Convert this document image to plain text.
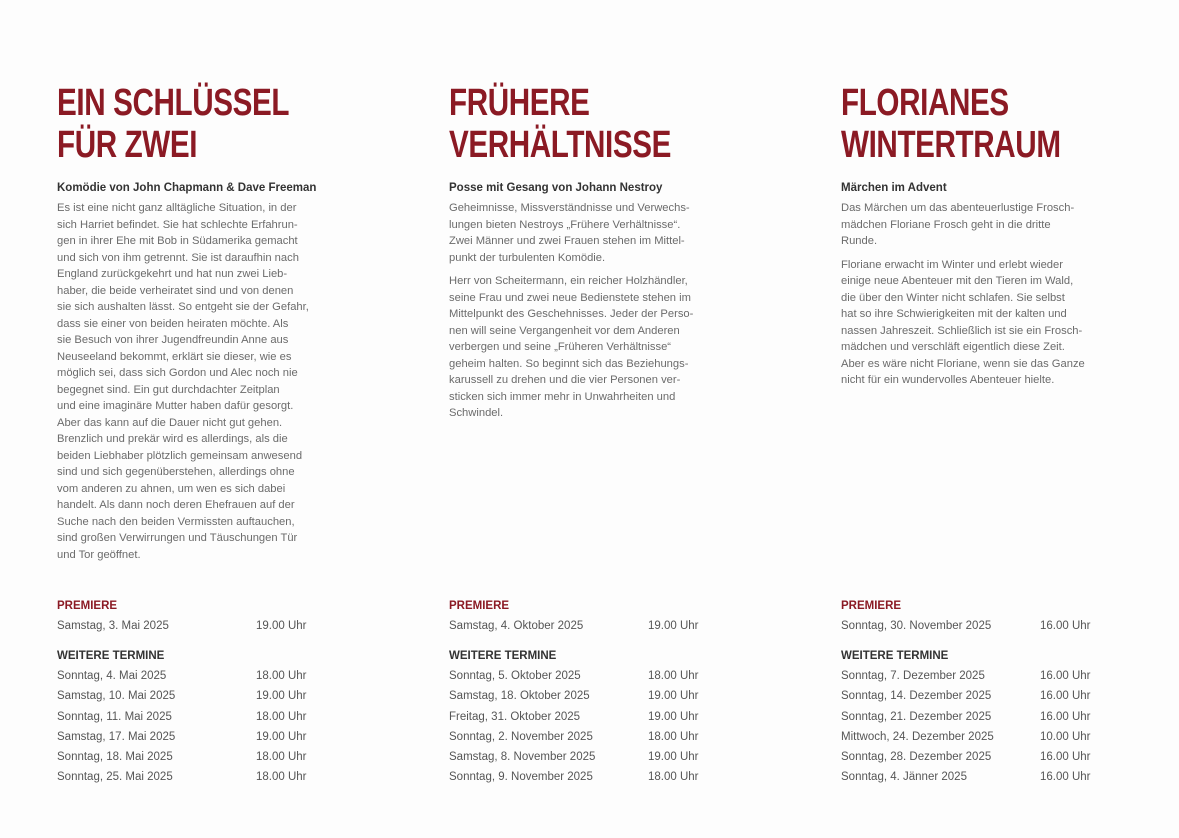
EIN SCHLÜSSEL
FÜR ZWEI

Komödie von John Chapmann & Dave Freeman

Es ist eine nicht ganz alltägliche Situation, in der
sich Harriet befindet. Sie hat schlechte Erfahrun-
gen in ihrer Ehe mit Bob in Südamerika gemacht
und sich von ihm getrennt. Sie ist daraufhin nach
England zurückgekehrt und hat nun zwei Lieb-
haber, die beide verheiratet sind und von denen
sie sich aushalten lässt. So entgeht sie der Gefahr,
dass sie einer von beiden heiraten möchte. Als
sie Besuch von ihrer Jugendfreundin Anne aus
Neuseeland bekommt, erklärt sie dieser, wie es
möglich sei, dass sich Gordon und Alec noch nie
begegnet sind. Ein gut durchdachter Zeitplan
und eine imaginäre Mutter haben dafür gesorgt.
Aber das kann auf die Dauer nicht gut gehen.
Brenzlich und prekär wird es allerdings, als die
beiden Liebhaber plötzlich gemeinsam anwesend
sind und sich gegenüberstehen, allerdings ohne
vom anderen zu ahnen, um wen es sich dabei
handelt. Als dann noch deren Ehefrauen auf der
Suche nach den beiden Vermissten auftauchen,
sind großen Verwirrungen und Täuschungen Tür
und Tor geöffnet.

FRÜHERE
VERHÄLTNISSE

Posse mit Gesang von Johann Nestroy

Geheimnisse, Missverständnisse und Verwechs-
lungen bieten Nestroys „Frühere Verhältnisse“.
Zwei Männer und zwei Frauen stehen im Mittel-
punkt der turbulenten Komödie.

Herr von Scheitermann, ein reicher Holzhändler,
seine Frau und zwei neue Bedienstete stehen im
Mittelpunkt des Geschehnisses. Jeder der Perso-
nen will seine Vergangenheit vor dem Anderen
verbergen und seine „Früheren Verhältnisse“
geheim halten. So beginnt sich das Beziehungs-
karussell zu drehen und die vier Personen ver-
sticken sich immer mehr in Unwahrheiten und
Schwindel.

FLORIANES
WINTERTRAUM

Märchen im Advent

Das Märchen um das abenteuerlustige Frosch-
mädchen Floriane Frosch geht in die dritte
Runde.

Floriane erwacht im Winter und erlebt wieder
einige neue Abenteuer mit den Tieren im Wald,
die über den Winter nicht schlafen. Sie selbst
hat so ihre Schwierigkeiten mit der kalten und
nassen Jahreszeit. Schließlich ist sie ein Frosch-
mädchen und verschläft eigentlich diese Zeit.
Aber es wäre nicht Floriane, wenn sie das Ganze
nicht für ein wundervolles Abenteuer hielte.

PREMIERE

Samstag, 3. Mai 2025	19.00 Uhr

WEITERE TERMINE

Sonntag, 4. Mai 2025	18.00 Uhr
Samstag, 10. Mai 2025	19.00 Uhr
Sonntag, 11. Mai 2025	18.00 Uhr
Samstag, 17. Mai 2025	19.00 Uhr
Sonntag, 18. Mai 2025	18.00 Uhr
Sonntag, 25. Mai 2025	18.00 Uhr

PREMIERE

Samstag, 4. Oktober 2025	19.00 Uhr

WEITERE TERMINE

Sonntag, 5. Oktober 2025	18.00 Uhr
Samstag, 18. Oktober 2025	19.00 Uhr
Freitag, 31. Oktober 2025	19.00 Uhr
Sonntag, 2. November 2025	18.00 Uhr
Samstag, 8. November 2025	19.00 Uhr
Sonntag, 9. November 2025	18.00 Uhr

PREMIERE

Sonntag, 30. November 2025	16.00 Uhr

WEITERE TERMINE

Sonntag, 7. Dezember 2025	16.00 Uhr
Sonntag, 14. Dezember 2025	16.00 Uhr
Sonntag, 21. Dezember 2025	16.00 Uhr
Mittwoch, 24. Dezember 2025	10.00 Uhr
Sonntag, 28. Dezember 2025	16.00 Uhr
Sonntag, 4. Jänner 2025	16.00 Uhr
